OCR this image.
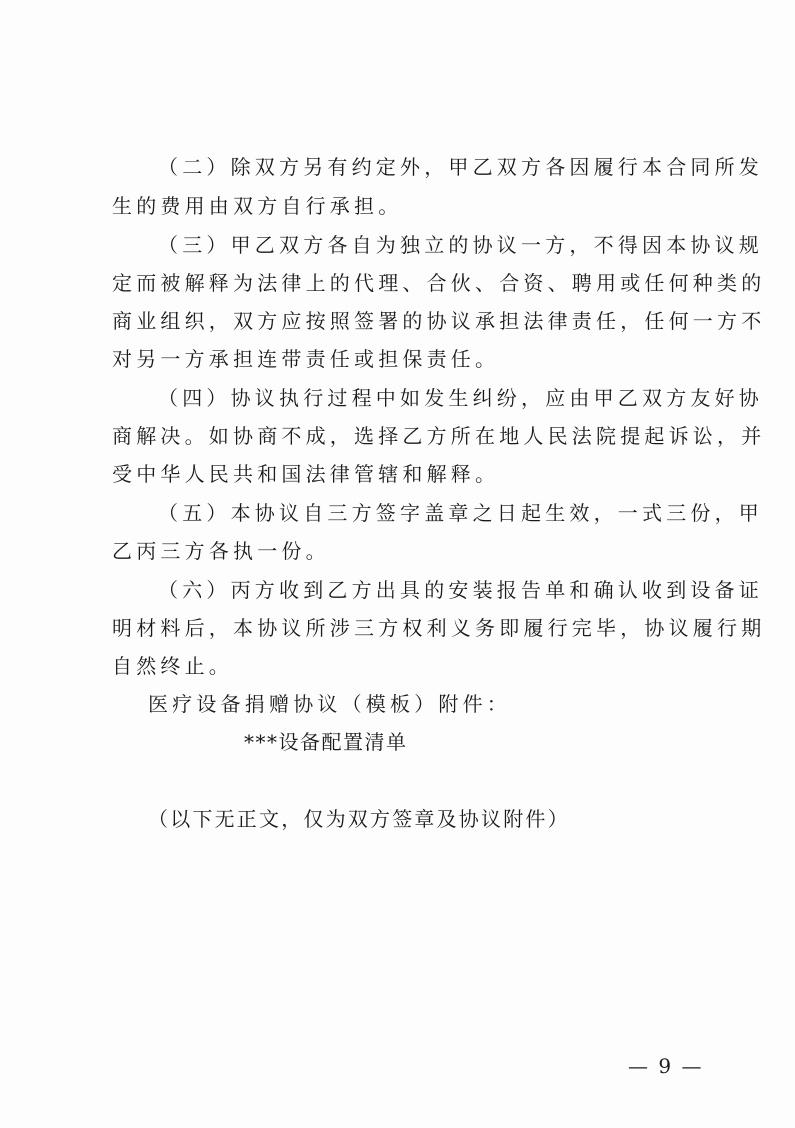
（二）除双方另有约定外，甲乙双方各因履行本合同所发
生的费用由双方自行承担。
（三）甲乙双方各自为独立的协议一方，不得因本协议规
定而被解释为法律上的代理、合伙、合资、聘用或任何种类的
商业组织，双方应按照签署的协议承担法律责任，任何一方不
对另一方承担连带责任或担保责任。
（四）协议执行过程中如发生纠纷，应由甲乙双方友好协
商解决。如协商不成，选择乙方所在地人民法院提起诉讼，并
受中华人民共和国法律管辖和解释。
（五）本协议自三方签字盖章之日起生效，一式三份，甲
乙丙三方各执一份。
（六）丙方收到乙方出具的安装报告单和确认收到设备证
明材料后，本协议所涉三方权利义务即履行完毕，协议履行期
自然终止。
医疗设备捐赠协议（模板）附件：
***设备配置清单
（以下无正文，仅为双方签章及协议附件）
— 9 —
